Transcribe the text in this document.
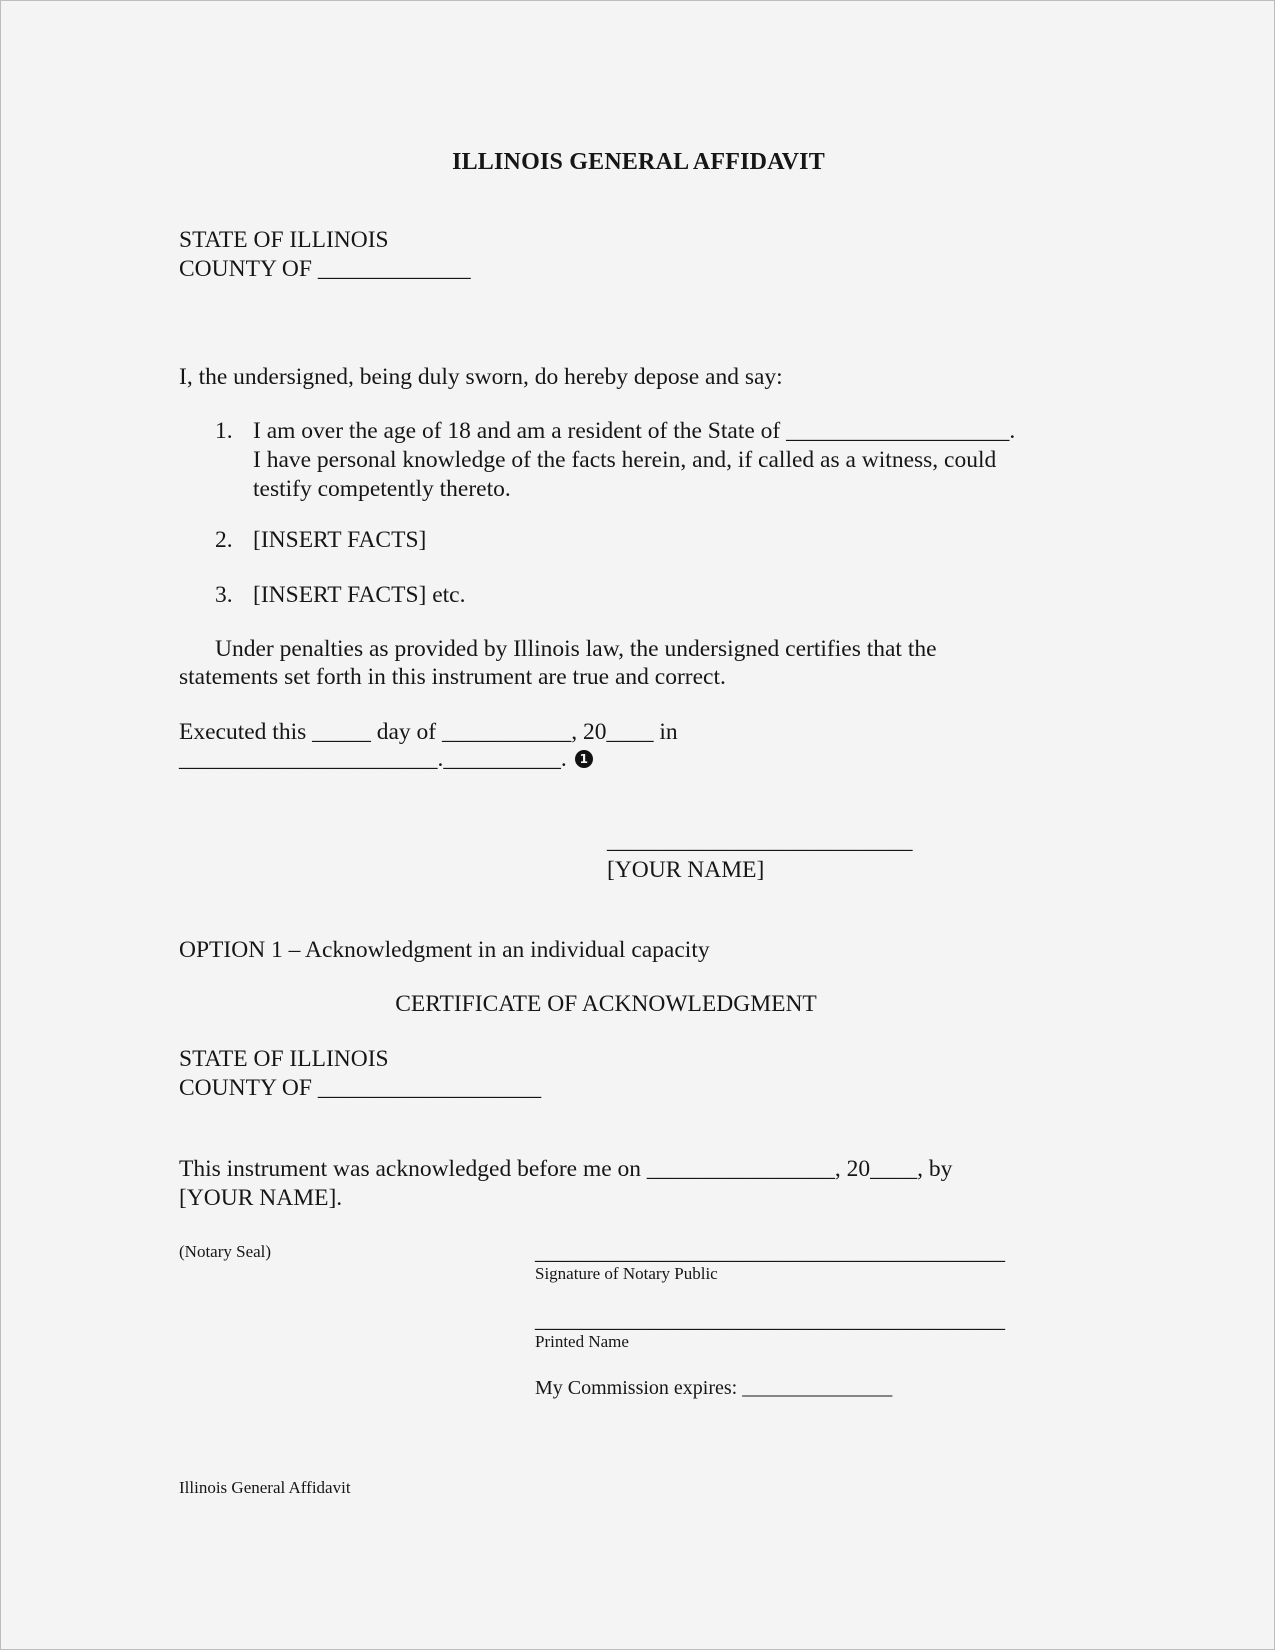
ILLINOIS GENERAL AFFIDAVIT
STATE OF ILLINOIS
COUNTY OF _____________
I, the undersigned, being duly sworn, do hereby depose and say:
1. I am over the age of 18 and am a resident of the State of ___________________.
I have personal knowledge of the facts herein, and, if called as a witness, could
testify competently thereto.
2. [INSERT FACTS]
3. [INSERT FACTS] etc.
Under penalties as provided by Illinois law, the undersigned certifies that the
statements set forth in this instrument are true and correct.
Executed this _____ day of ___________, 20____ in
______________________.__________. 1
__________________________
[YOUR NAME]
OPTION 1 – Acknowledgment in an individual capacity
CERTIFICATE OF ACKNOWLEDGMENT
STATE OF ILLINOIS
COUNTY OF ___________________
This instrument was acknowledged before me on ________________, 20____, by
[YOUR NAME].
(Notary Seal)	________________________________________
Signature of Notary Public
________________________________________
Printed Name
My Commission expires: _______________
Illinois General Affidavit
